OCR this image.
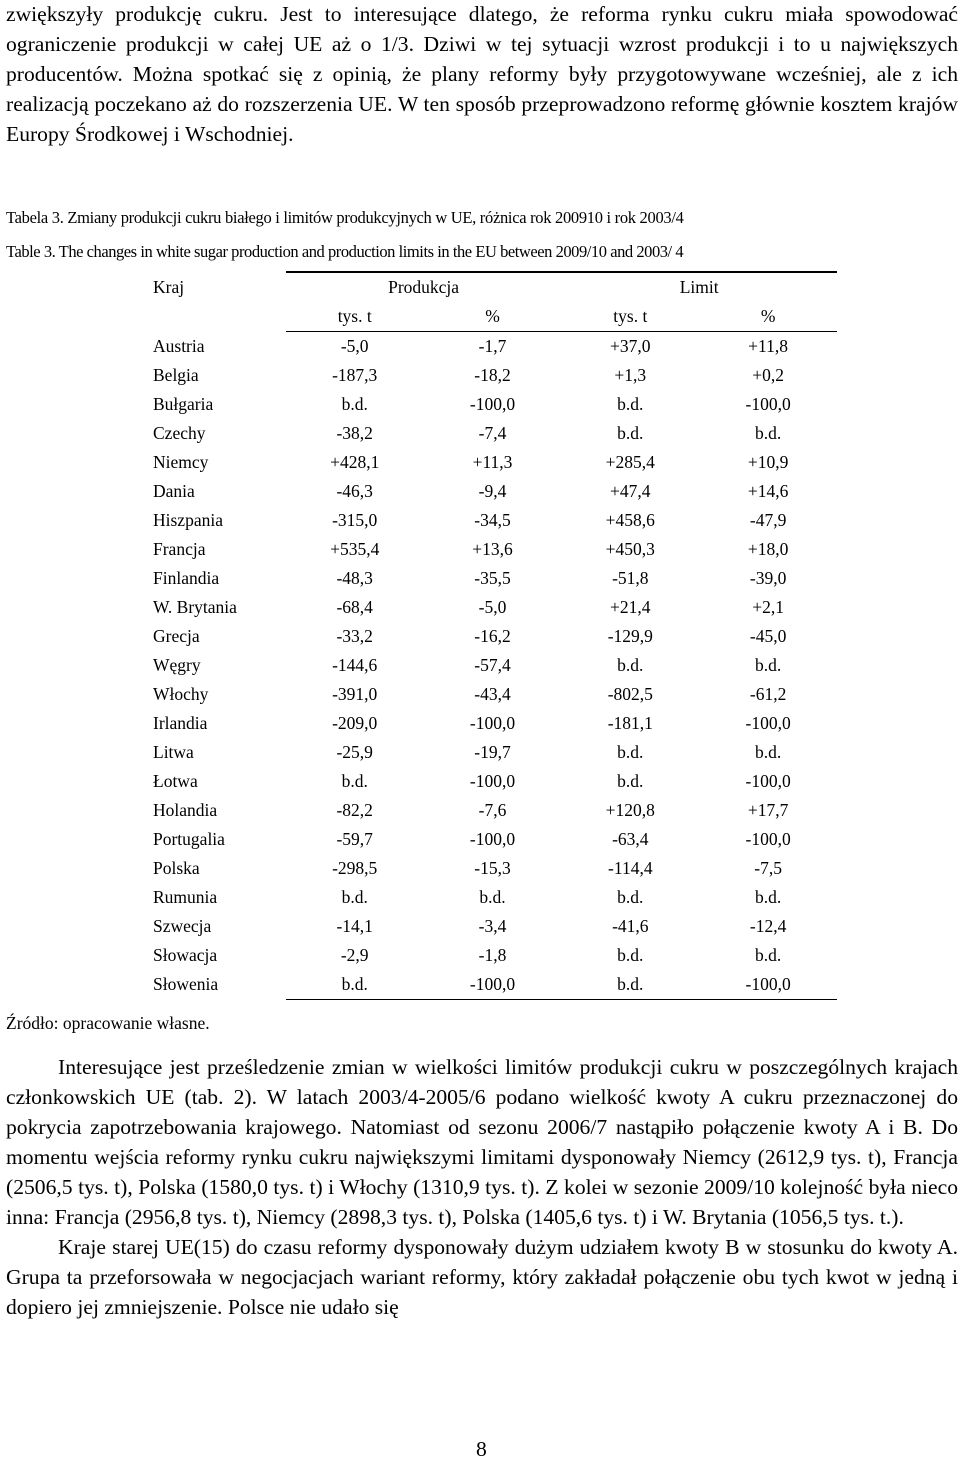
zwiększyły produkcję cukru. Jest to interesujące dlatego, że reforma rynku cukru miała spowodować ograniczenie produkcji w całej UE aż o 1/3. Dziwi w tej sytuacji wzrost produkcji i to u największych producentów. Można spotkać się z opinią, że plany reformy były przygotowywane wcześniej, ale z ich realizacją poczekano aż do rozszerzenia UE. W ten sposób przeprowadzono reformę głównie kosztem krajów Europy Środkowej i Wschodniej.

Tabela 3. Zmiany produkcji cukru białego i limitów produkcyjnych w UE, różnica rok 200910 i rok 2003/4

Table 3. The changes in white sugar production and production limits in the EU between 2009/10 and 2003/ 4

Kraj	Produkcja		Limit	
	tys. t	%	tys. t	%
Austria	-5,0	-1,7	+37,0	+11,8
Belgia	-187,3	-18,2	+1,3	+0,2
Bułgaria	b.d.	-100,0	b.d.	-100,0
Czechy	-38,2	-7,4	b.d.	b.d.
Niemcy	+428,1	+11,3	+285,4	+10,9
Dania	-46,3	-9,4	+47,4	+14,6
Hiszpania	-315,0	-34,5	+458,6	-47,9
Francja	+535,4	+13,6	+450,3	+18,0
Finlandia	-48,3	-35,5	-51,8	-39,0
W. Brytania	-68,4	-5,0	+21,4	+2,1
Grecja	-33,2	-16,2	-129,9	-45,0
Węgry	-144,6	-57,4	b.d.	b.d.
Włochy	-391,0	-43,4	-802,5	-61,2
Irlandia	-209,0	-100,0	-181,1	-100,0
Litwa	-25,9	-19,7	b.d.	b.d.
Łotwa	b.d.	-100,0	b.d.	-100,0
Holandia	-82,2	-7,6	+120,8	+17,7
Portugalia	-59,7	-100,0	-63,4	-100,0
Polska	-298,5	-15,3	-114,4	-7,5
Rumunia	b.d.	b.d.	b.d.	b.d.
Szwecja	-14,1	-3,4	-41,6	-12,4
Słowacja	-2,9	-1,8	b.d.	b.d.
Słowenia	b.d.	-100,0	b.d.	-100,0

Źródło: opracowanie własne.

Interesujące jest prześledzenie zmian w wielkości limitów produkcji cukru w poszczególnych krajach członkowskich UE (tab. 2). W latach 2003/4-2005/6 podano wielkość kwoty A cukru przeznaczonej do pokrycia zapotrzebowania krajowego. Natomiast od sezonu 2006/7 nastąpiło połączenie kwoty A i B. Do momentu wejścia reformy rynku cukru największymi limitami dysponowały Niemcy (2612,9 tys. t), Francja (2506,5 tys. t), Polska (1580,0 tys. t) i Włochy (1310,9 tys. t). Z kolei w sezonie 2009/10 kolejność była nieco inna: Francja (2956,8 tys. t), Niemcy (2898,3 tys. t), Polska (1405,6 tys. t) i W. Brytania (1056,5 tys. t.).

Kraje starej UE(15) do czasu reformy dysponowały dużym udziałem kwoty B w stosunku do kwoty A. Grupa ta przeforsowała w negocjacjach wariant reformy, który zakładał połączenie obu tych kwot w jedną i dopiero jej zmniejszenie. Polsce nie udało się

8
